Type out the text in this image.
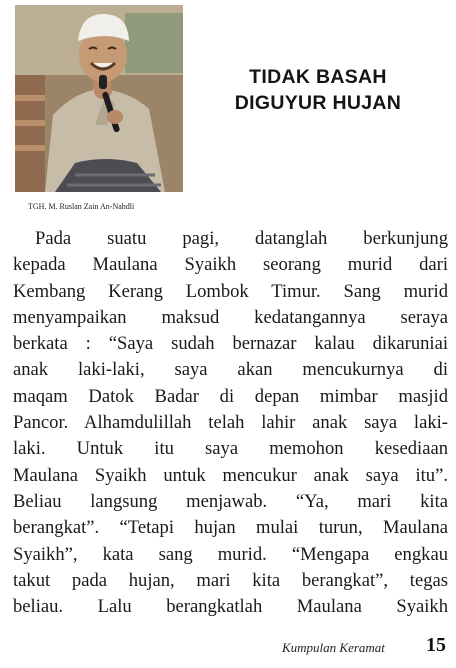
TGH. M. Ruslan Zain An-Nahdli
TIDAK BASAH
DIGUYUR HUJAN
Pada suatu pagi, datanglah berkunjung
kepada Maulana Syaikh seorang murid dari
Kembang Kerang Lombok Timur. Sang murid
menyampaikan maksud kedatangannya seraya
berkata : “Saya sudah bernazar kalau dikaruniai
anak laki-laki, saya akan mencukurnya di
maqam Datok Badar di depan mimbar masjid
Pancor. Alhamdulillah telah lahir anak saya laki-
laki. Untuk itu saya memohon kesediaan
Maulana Syaikh untuk mencukur anak saya itu”.
Beliau langsung menjawab. “Ya, mari kita
berangkat”. “Tetapi hujan mulai turun, Maulana
Syaikh”, kata sang murid. “Mengapa engkau
takut pada hujan, mari kita berangkat”, tegas
beliau. Lalu berangkatlah Maulana Syaikh
Kumpulan Keramat 15
